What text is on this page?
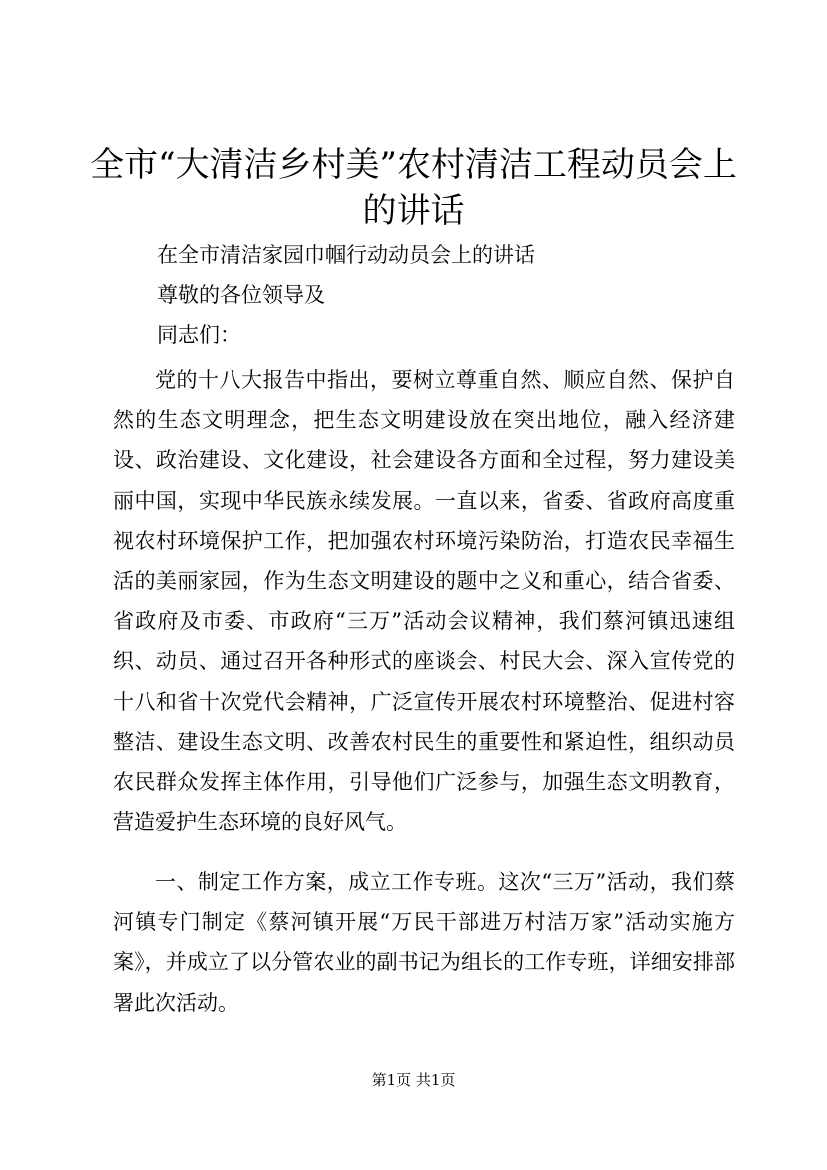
全市“大清洁乡村美”农村清洁工程动员会上的讲话
在全市清洁家园巾帼行动动员会上的讲话
尊敬的各位领导及
同志们：

党的十八大报告中指出，要树立尊重自然、顺应自然、保护自然的生态文明理念，把生态文明建设放在突出地位，融入经济建设、政治建设、文化建设，社会建设各方面和全过程，努力建设美丽中国，实现中华民族永续发展。一直以来，省委、省政府高度重视农村环境保护工作，把加强农村环境污染防治，打造农民幸福生活的美丽家园，作为生态文明建设的题中之义和重心，结合省委、省政府及市委、市政府“三万”活动会议精神，我们蔡河镇迅速组织、动员、通过召开各种形式的座谈会、村民大会、深入宣传党的十八和省十次党代会精神，广泛宣传开展农村环境整治、促进村容整洁、建设生态文明、改善农村民生的重要性和紧迫性，组织动员农民群众发挥主体作用，引导他们广泛参与，加强生态文明教育，营造爱护生态环境的良好风气。

一、制定工作方案，成立工作专班。这次“三万”活动，我们蔡河镇专门制定《蔡河镇开展“万民干部进万村洁万家”活动实施方案》，并成立了以分管农业的副书记为组长的工作专班，详细安排部署此次活动。

第1页 共1页
